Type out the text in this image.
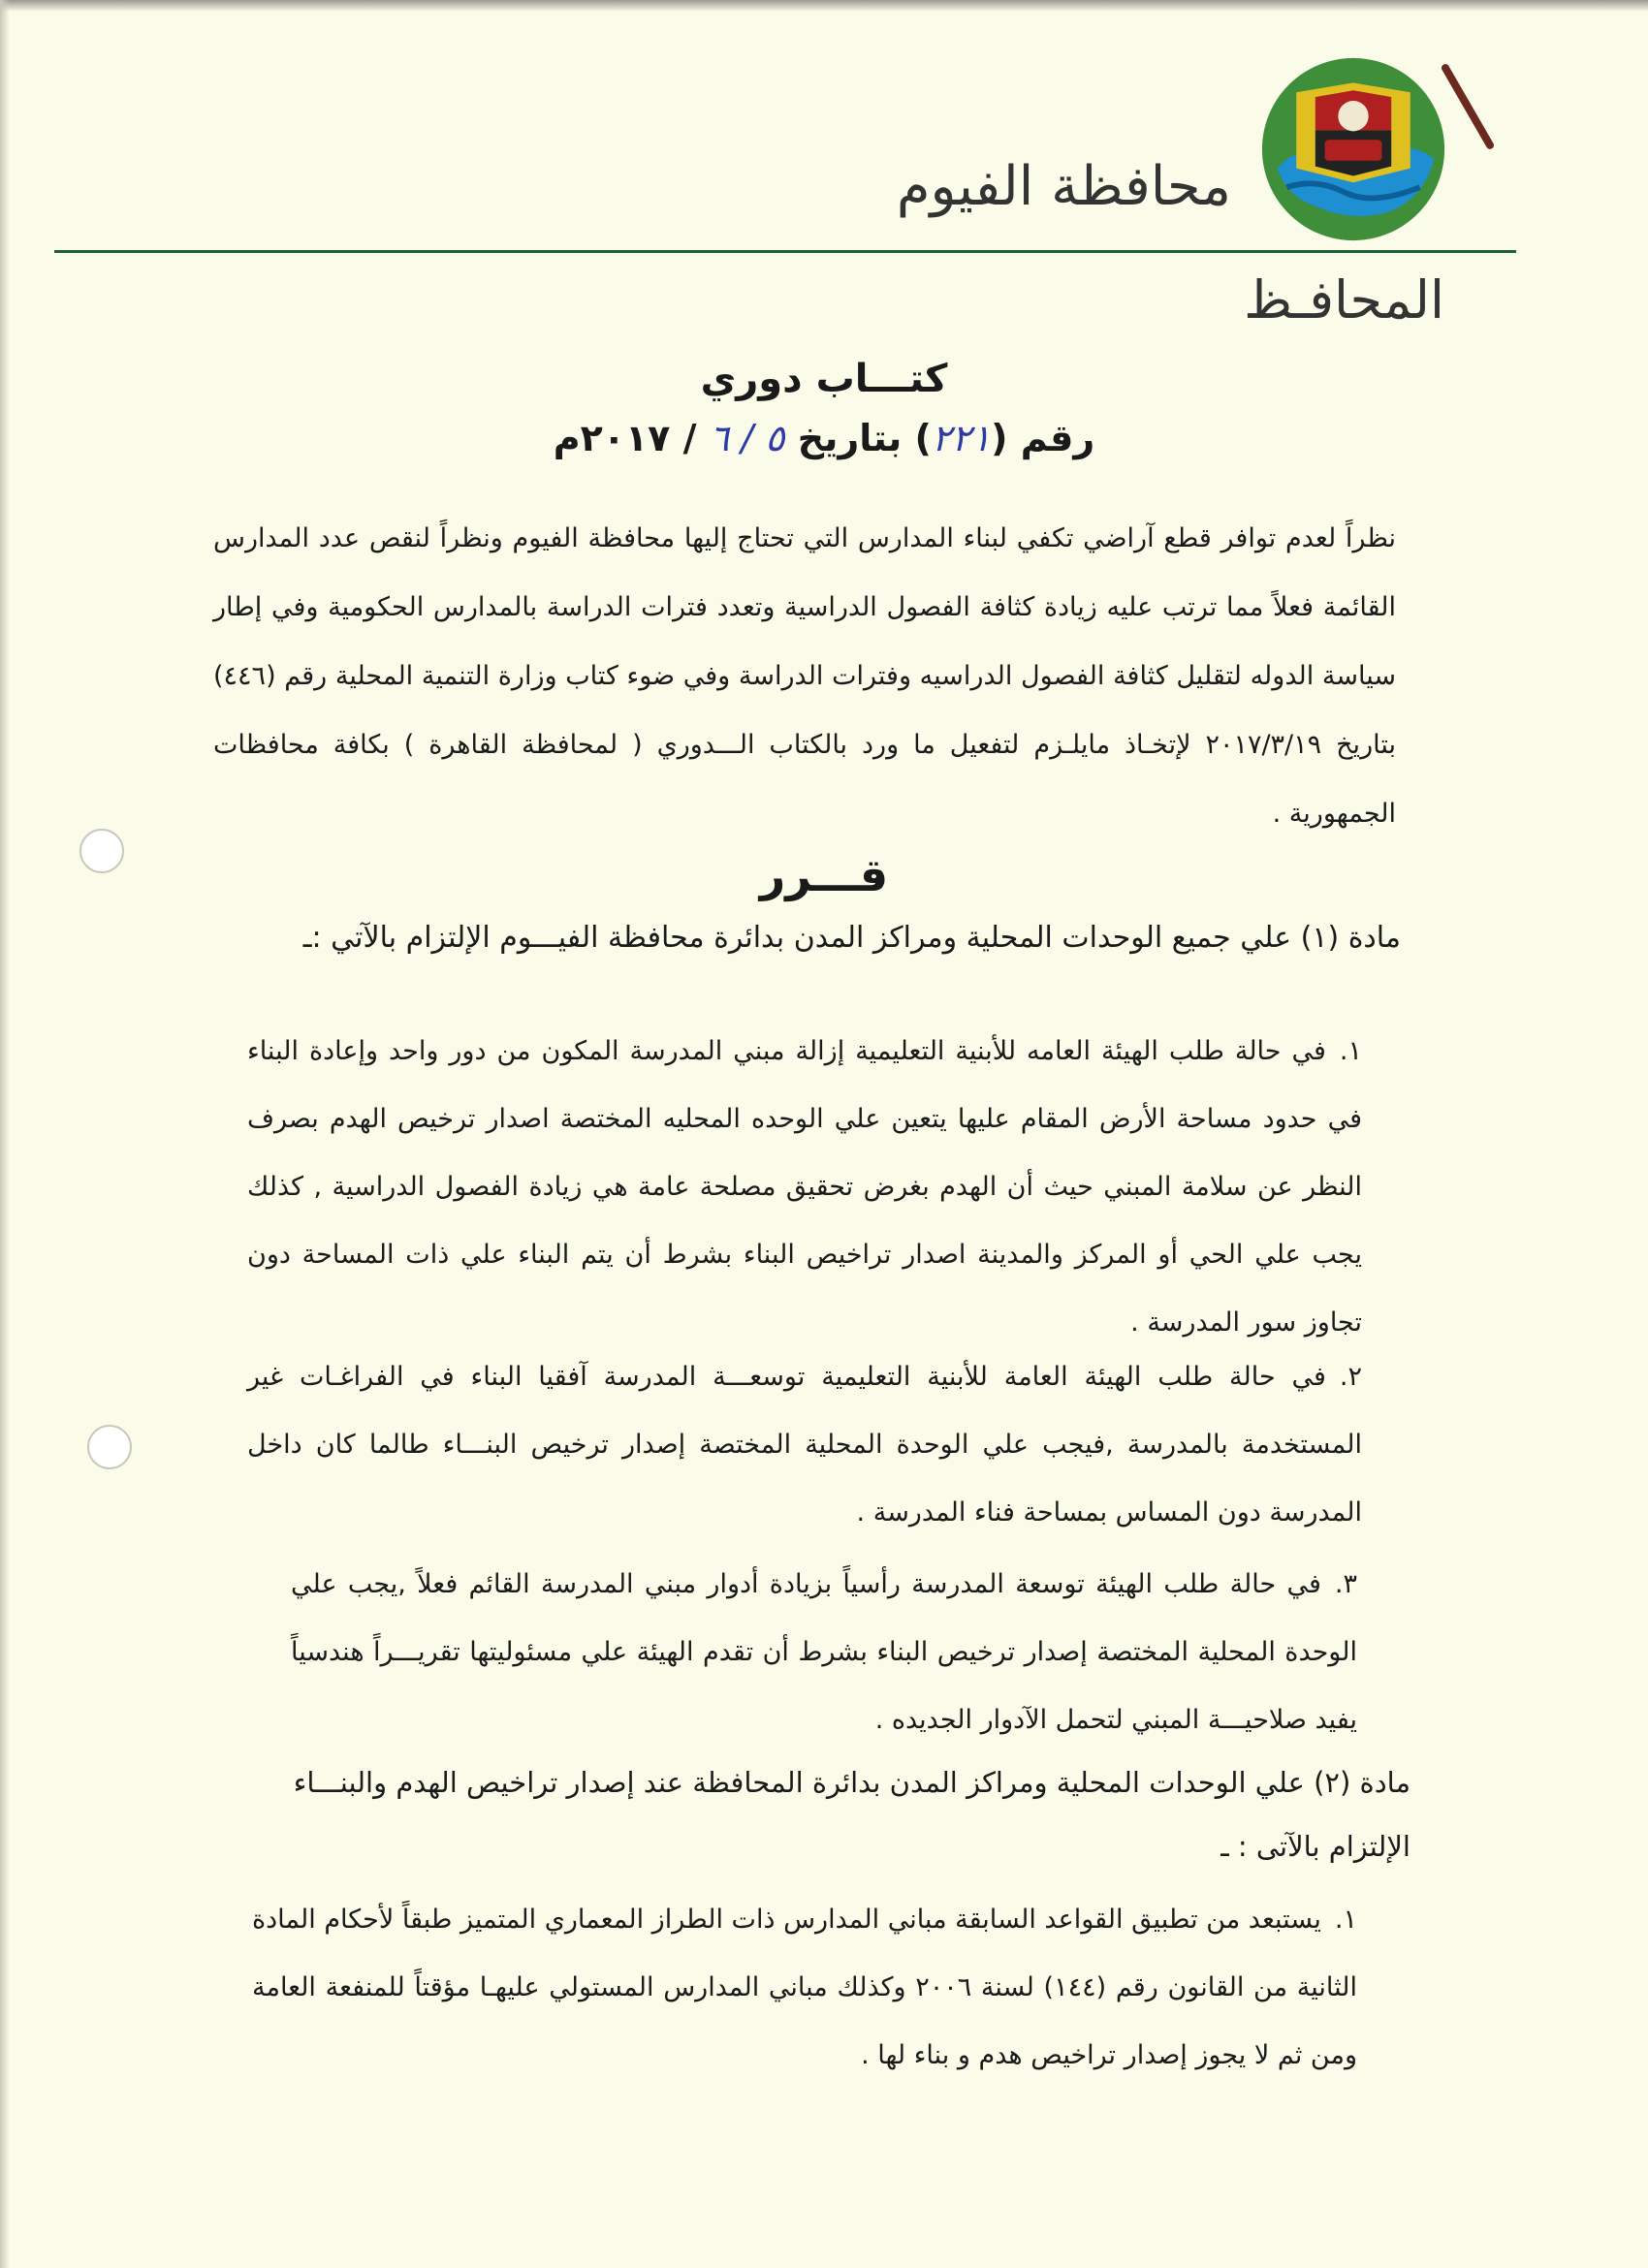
محافظة الفيوم
المحافـظ
كتـــاب دوري
رقم (٢٢١) بتاريخ ٥ / ٦ / ٢٠١٧م
نظراً لعدم توافر قطع آراضي تكفي لبناء المدارس التي تحتاج إليها محافظة الفيوم ونظراً لنقص عدد المدارس القائمة فعلاً مما ترتب عليه زيادة كثافة الفصول الدراسية وتعدد فترات الدراسة بالمدارس الحكومية وفي إطار سياسة الدوله لتقليل كثافة الفصول الدراسيه وفترات الدراسة وفي ضوء كتاب وزارة التنمية المحلية رقم (٤٤٦) بتاريخ ٢٠١٧/٣/١٩ لإتخـاذ مايلـزم لتفعيل ما ورد بالكتاب الـــدوري ( لمحافظة القاهرة ) بكافة محافظات الجمهورية .
قـــرر
مادة (١) علي جميع الوحدات المحلية ومراكز المدن بدائرة محافظة الفيـــوم الإلتزام بالآتي :ـ
١.في حالة طلب الهيئة العامه للأبنية التعليمية إزالة مبني المدرسة المكون من دور واحد وإعادة البناء في حدود مساحة الأرض المقام عليها يتعين علي الوحده المحليه المختصة اصدار ترخيص الهدم بصرف النظر عن سلامة المبني حيث أن الهدم بغرض تحقيق مصلحة عامة هي زيادة الفصول الدراسية , كذلك يجب علي الحي أو المركز والمدينة اصدار تراخيص البناء بشرط أن يتم البناء علي ذات المساحة دون تجاوز سور المدرسة .
٢.في حالة طلب الهيئة العامة للأبنية التعليمية توسعـــة المدرسة آفقيا البناء في الفراغـات غير المستخدمة بالمدرسة ,فيجب علي الوحدة المحلية المختصة إصدار ترخيص البنـــاء طالما كان داخل المدرسة دون المساس بمساحة فناء المدرسة .
٣.في حالة طلب الهيئة توسعة المدرسة رأسياً بزيادة أدوار مبني المدرسة القائم فعلاً ,يجب علي الوحدة المحلية المختصة إصدار ترخيص البناء بشرط أن تقدم الهيئة علي مسئوليتها تقريـــراً هندسياً يفيد صلاحيـــة المبني لتحمل الآدوار الجديده .
مادة (٢) علي الوحدات المحلية ومراكز المدن بدائرة المحافظة عند إصدار تراخيص الهدم والبنـــاء الإلتزام بالآتى : ـ
١.يستبعد من تطبيق القواعد السابقة مباني المدارس ذات الطراز المعماري المتميز طبقاً لأحكام المادة الثانية من القانون رقم (١٤٤) لسنة ٢٠٠٦ وكذلك مباني المدارس المستولي عليهـا مؤقتاً للمنفعة العامة ومن ثم لا يجوز إصدار تراخيص هدم و بناء لها .
